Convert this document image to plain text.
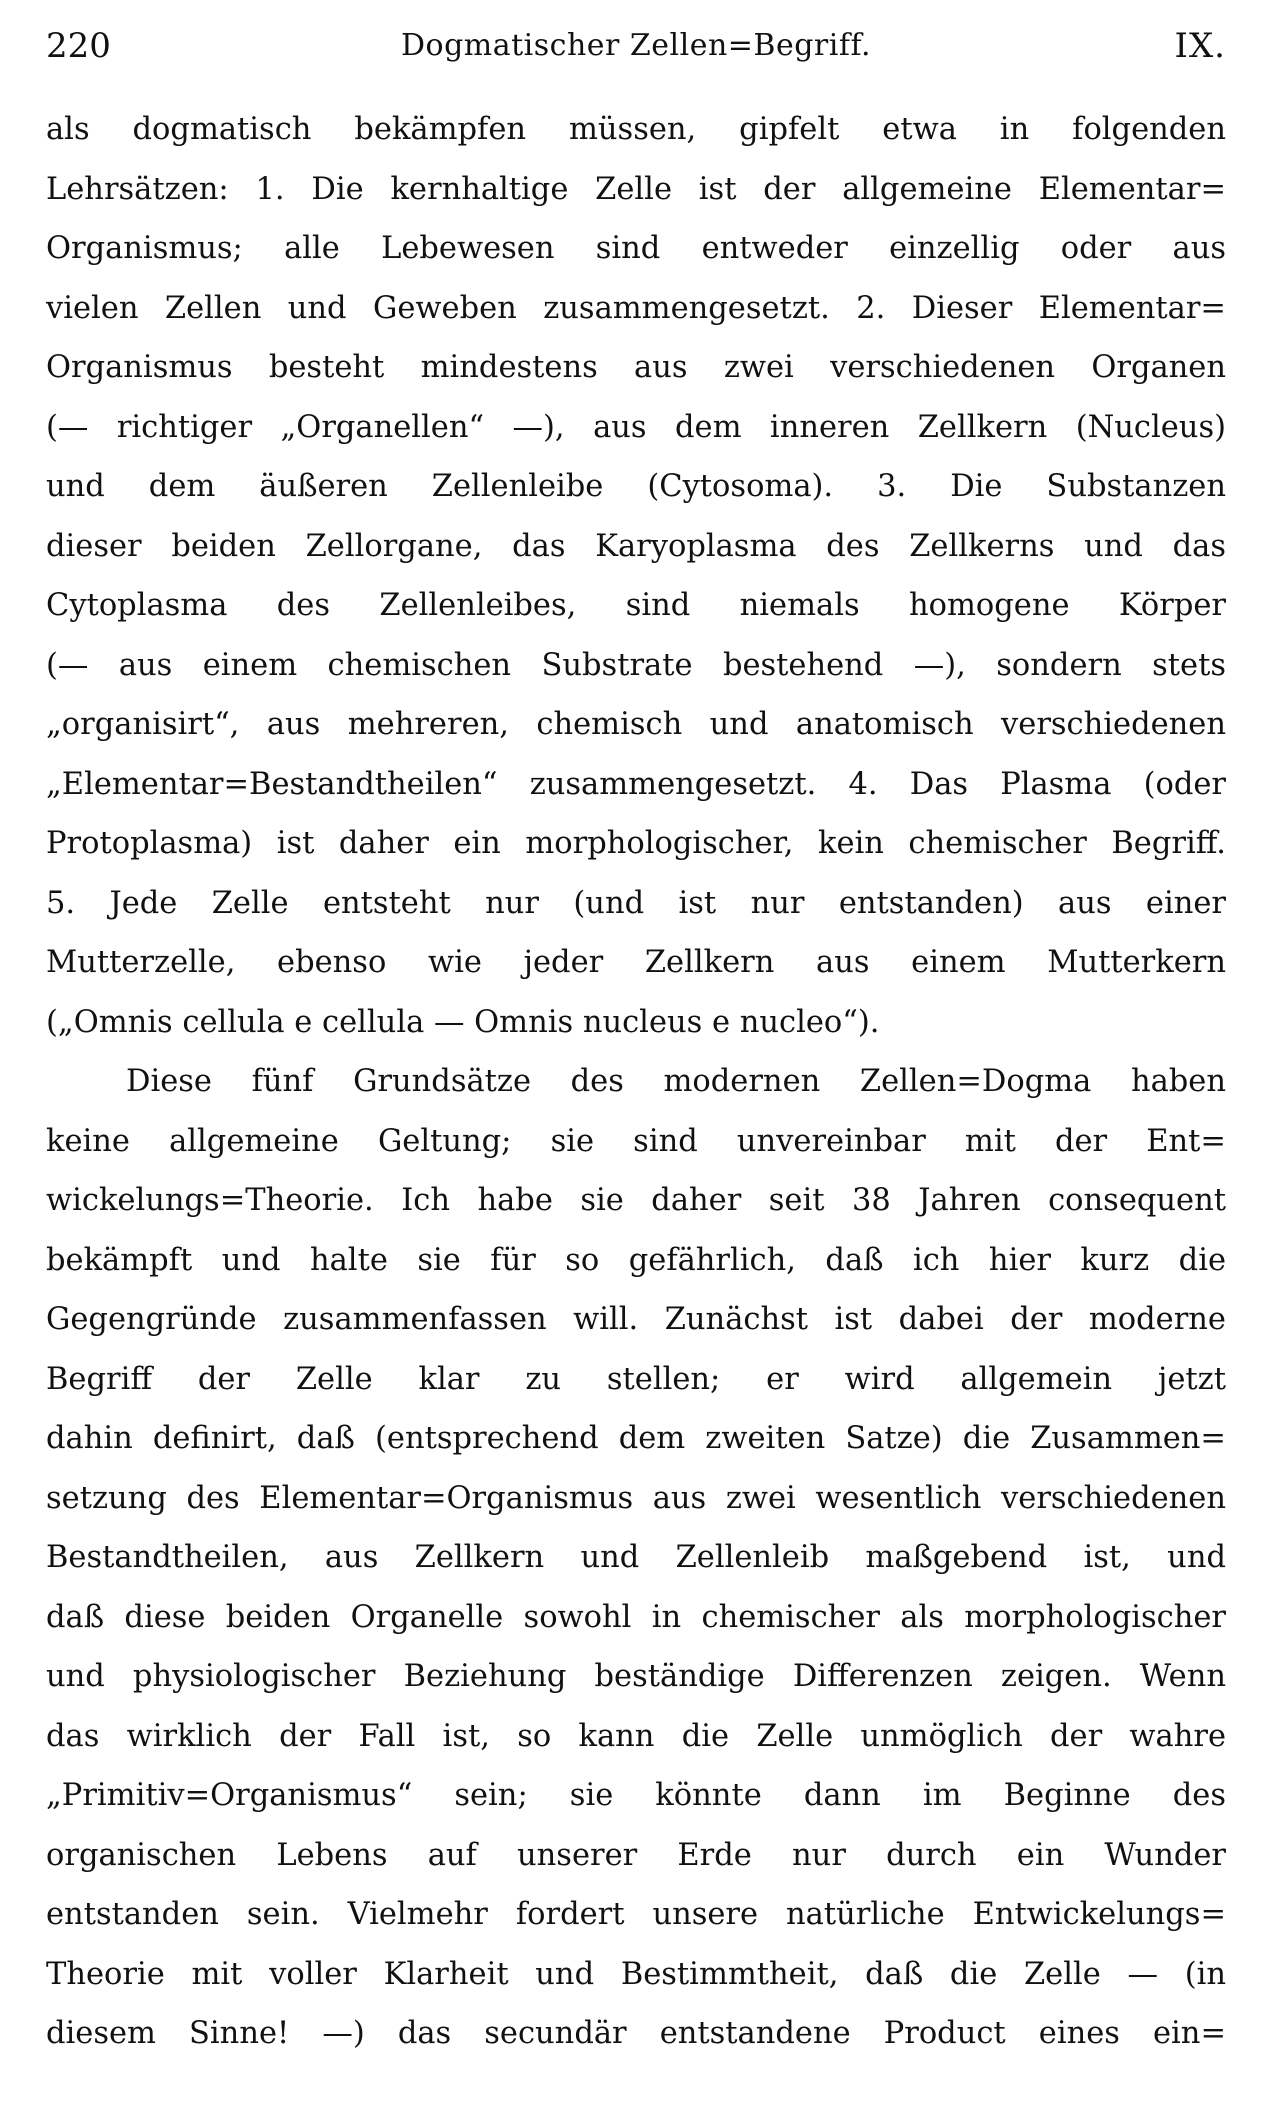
220	Dogmatischer Zellen=Begriff.	IX.
als dogmatisch bekämpfen müssen, gipfelt etwa in folgenden
Lehrsätzen: 1. Die kernhaltige Zelle ist der allgemeine Elementar=
Organismus; alle Lebewesen sind entweder einzellig oder aus
vielen Zellen und Geweben zusammengesetzt. 2. Dieser Elementar=
Organismus besteht mindestens aus zwei verschiedenen Organen
(— richtiger „Organellen“ —), aus dem inneren Zellkern (Nucleus)
und dem äußeren Zellenleibe (Cytosoma). 3. Die Substanzen
dieser beiden Zellorgane, das Karyoplasma des Zellkerns und das
Cytoplasma des Zellenleibes, sind niemals homogene Körper
(— aus einem chemischen Substrate bestehend —), sondern stets
„organisirt“, aus mehreren, chemisch und anatomisch verschiedenen
„Elementar=Bestandtheilen“ zusammengesetzt. 4. Das Plasma (oder
Protoplasma) ist daher ein morphologischer, kein chemischer Begriff.
5. Jede Zelle entsteht nur (und ist nur entstanden) aus einer
Mutterzelle, ebenso wie jeder Zellkern aus einem Mutterkern
(„Omnis cellula e cellula — Omnis nucleus e nucleo“).
Diese fünf Grundsätze des modernen Zellen=Dogma haben
keine allgemeine Geltung; sie sind unvereinbar mit der Ent=
wickelungs=Theorie. Ich habe sie daher seit 38 Jahren consequent
bekämpft und halte sie für so gefährlich, daß ich hier kurz die
Gegengründe zusammenfassen will. Zunächst ist dabei der moderne
Begriff der Zelle klar zu stellen; er wird allgemein jetzt
dahin definirt, daß (entsprechend dem zweiten Satze) die Zusammen=
setzung des Elementar=Organismus aus zwei wesentlich verschiedenen
Bestandtheilen, aus Zellkern und Zellenleib maßgebend ist, und
daß diese beiden Organelle sowohl in chemischer als morphologischer
und physiologischer Beziehung beständige Differenzen zeigen. Wenn
das wirklich der Fall ist, so kann die Zelle unmöglich der wahre
„Primitiv=Organismus“ sein; sie könnte dann im Beginne des
organischen Lebens auf unserer Erde nur durch ein Wunder
entstanden sein. Vielmehr fordert unsere natürliche Entwickelungs=
Theorie mit voller Klarheit und Bestimmtheit, daß die Zelle — (in
diesem Sinne! —) das secundär entstandene Product eines ein=
